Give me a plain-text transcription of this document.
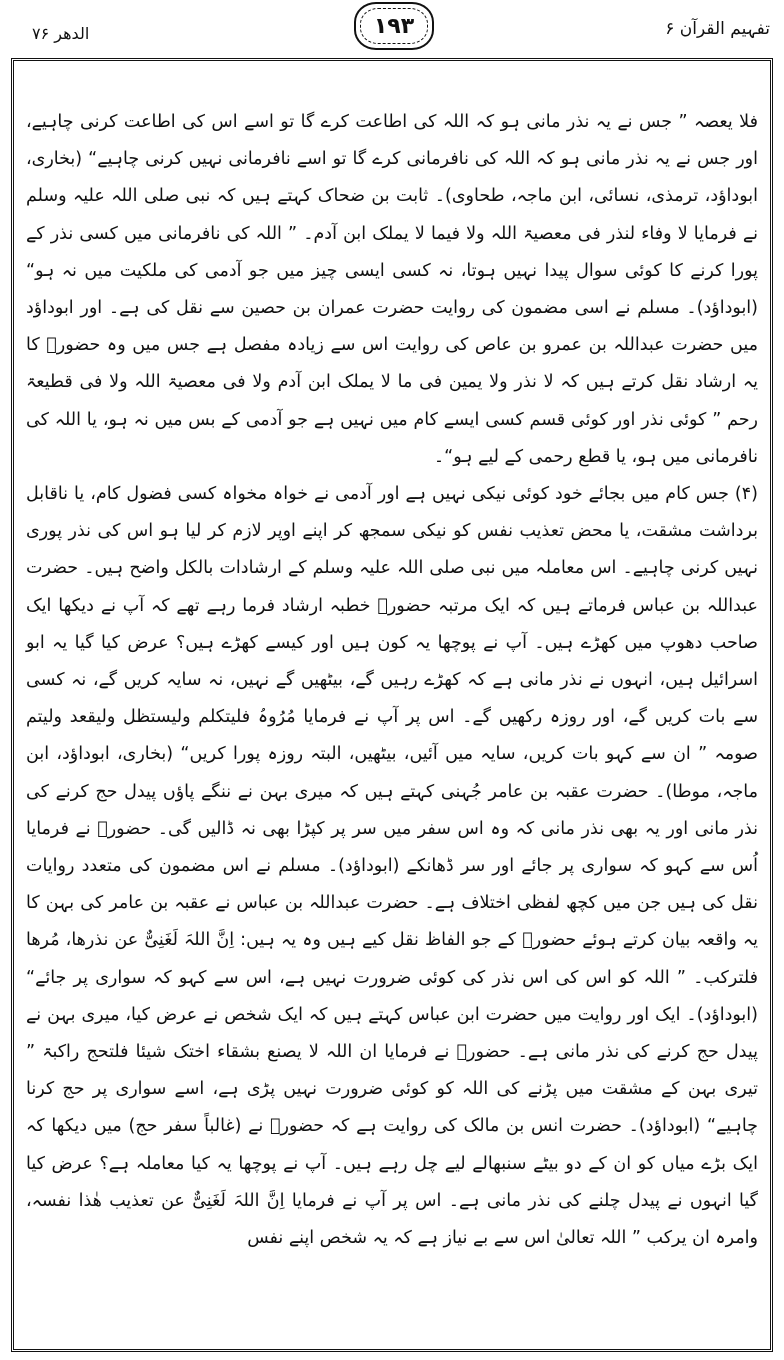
تفہیم القرآن ۶
۱۹۳
الدھر ۷۶

فلا یعصہ ” جس نے یہ نذر مانی ہو کہ اللہ کی اطاعت کرے گا تو اسے اس کی اطاعت کرنی چاہیے، اور جس نے یہ نذر مانی ہو کہ اللہ کی نافرمانی کرے گا تو اسے نافرمانی نہیں کرنی چاہیے“ (بخاری، ابوداؤد، ترمذی، نسائی، ابن ماجہ، طحاوی)۔ ثابت بن ضحاک کہتے ہیں کہ نبی صلی اللہ علیہ وسلم نے فرمایا لا وفاء لنذر فی معصیۃ اللہ ولا فیما لا یملک ابن آدم۔ ” اللہ کی نافرمانی میں کسی نذر کے پورا کرنے کا کوئی سوال پیدا نہیں ہوتا، نہ کسی ایسی چیز میں جو آدمی کی ملکیت میں نہ ہو“ (ابوداؤد)۔ مسلم نے اسی مضمون کی روایت حضرت عمران بن حصین سے نقل کی ہے۔ اور ابوداؤد میں حضرت عبداللہ بن عمرو بن عاص کی روایت اس سے زیادہ مفصل ہے جس میں وہ حضورؐ کا یہ ارشاد نقل کرتے ہیں کہ لا نذر ولا یمین فی ما لا یملک ابن آدم ولا فی معصیۃ اللہ ولا فی قطیعۃ رحم ” کوئی نذر اور کوئی قسم کسی ایسے کام میں نہیں ہے جو آدمی کے بس میں نہ ہو، یا اللہ کی نافرمانی میں ہو، یا قطع رحمی کے لیے ہو“۔

(۴) جس کام میں بجائے خود کوئی نیکی نہیں ہے اور آدمی نے خواہ مخواہ کسی فضول کام، یا ناقابل برداشت مشقت، یا محض تعذیب نفس کو نیکی سمجھ کر اپنے اوپر لازم کر لیا ہو اس کی نذر پوری نہیں کرنی چاہیے۔ اس معاملہ میں نبی صلی اللہ علیہ وسلم کے ارشادات بالکل واضح ہیں۔ حضرت عبداللہ بن عباس فرماتے ہیں کہ ایک مرتبہ حضورؐ خطبہ ارشاد فرما رہے تھے کہ آپ نے دیکھا ایک صاحب دھوپ میں کھڑے ہیں۔ آپ نے پوچھا یہ کون ہیں اور کیسے کھڑے ہیں؟ عرض کیا گیا یہ ابو اسرائیل ہیں، انہوں نے نذر مانی ہے کہ کھڑے رہیں گے، بیٹھیں گے نہیں، نہ سایہ کریں گے، نہ کسی سے بات کریں گے، اور روزہ رکھیں گے۔ اس پر آپ نے فرمایا مُرُوہُ فلیتکلم ولیستظل ولیقعد ولیتم صومہ ” ان سے کہو بات کریں، سایہ میں آئیں، بیٹھیں، البتہ روزہ پورا کریں“ (بخاری، ابوداؤد، ابن ماجہ، موطا)۔ حضرت عقبہ بن عامر جُہنی کہتے ہیں کہ میری بہن نے ننگے پاؤں پیدل حج کرنے کی نذر مانی اور یہ بھی نذر مانی کہ وہ اس سفر میں سر پر کپڑا بھی نہ ڈالیں گی۔ حضورؐ نے فرمایا اُس سے کہو کہ سواری پر جائے اور سر ڈھانکے (ابوداؤد)۔ مسلم نے اس مضمون کی متعدد روایات نقل کی ہیں جن میں کچھ لفظی اختلاف ہے۔ حضرت عبداللہ بن عباس نے عقبہ بن عامر کی بہن کا یہ واقعہ بیان کرتے ہوئے حضورؐ کے جو الفاظ نقل کیے ہیں وہ یہ ہیں: اِنَّ اللہَ لَغَنِیٌّ عن نذرھا، مُرھا فلترکب۔ ” اللہ کو اس کی اس نذر کی کوئی ضرورت نہیں ہے، اس سے کہو کہ سواری پر جائے“ (ابوداؤد)۔ ایک اور روایت میں حضرت ابن عباس کہتے ہیں کہ ایک شخص نے عرض کیا، میری بہن نے پیدل حج کرنے کی نذر مانی ہے۔ حضورؐ نے فرمایا ان اللہ لا یصنع بشقاء اختک شیئا فلتحج راکبۃ ” تیری بہن کے مشقت میں پڑنے کی اللہ کو کوئی ضرورت نہیں پڑی ہے، اسے سواری پر حج کرنا چاہیے“ (ابوداؤد)۔ حضرت انس بن مالک کی روایت ہے کہ حضورؐ نے (غالباً سفر حج) میں دیکھا کہ ایک بڑے میاں کو ان کے دو بیٹے سنبھالے لیے چل رہے ہیں۔ آپ نے پوچھا یہ کیا معاملہ ہے؟ عرض کیا گیا انہوں نے پیدل چلنے کی نذر مانی ہے۔ اس پر آپ نے فرمایا اِنَّ اللہَ لَغَنِیٌّ عن تعذیب ھٰذا نفسہ، وامرہ ان یرکب ” اللہ تعالیٰ اس سے بے نیاز ہے کہ یہ شخص اپنے نفس
